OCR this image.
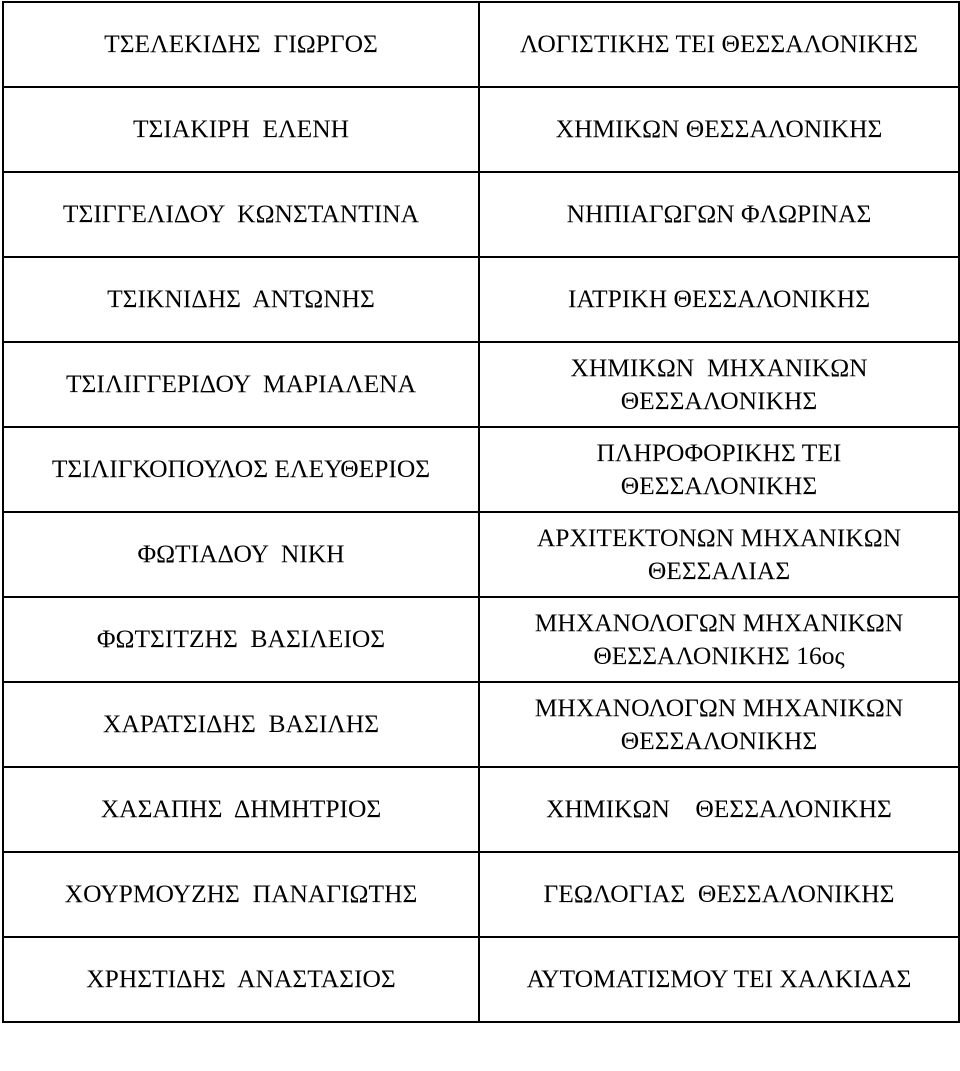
ΤΣΕΛΕΚΙΔΗΣ  ΓΙΩΡΓΟΣ	ΛΟΓΙΣΤΙΚΗΣ ΤΕΙ ΘΕΣΣΑΛΟΝΙΚΗΣ
ΤΣΙΑΚΙΡΗ  ΕΛΕΝΗ	ΧΗΜΙΚΩΝ ΘΕΣΣΑΛΟΝΙΚΗΣ
ΤΣΙΓΓΕΛΙΔΟΥ  ΚΩΝΣΤΑΝΤΙΝΑ	ΝΗΠΙΑΓΩΓΩΝ ΦΛΩΡΙΝΑΣ
ΤΣΙΚΝΙΔΗΣ  ΑΝΤΩΝΗΣ	ΙΑΤΡΙΚΗ ΘΕΣΣΑΛΟΝΙΚΗΣ
ΤΣΙΛΙΓΓΕΡΙΔΟΥ  ΜΑΡΙΑΛΕΝΑ	ΧΗΜΙΚΩΝ  ΜΗΧΑΝΙΚΩΝ
ΘΕΣΣΑΛΟΝΙΚΗΣ
ΤΣΙΛΙΓΚΟΠΟΥΛΟΣ ΕΛΕΥΘΕΡΙΟΣ	ΠΛΗΡΟΦΟΡΙΚΗΣ ΤΕΙ
ΘΕΣΣΑΛΟΝΙΚΗΣ
ΦΩΤΙΑΔΟΥ  ΝΙΚΗ	ΑΡΧΙΤΕΚΤΟΝΩΝ ΜΗΧΑΝΙΚΩΝ
ΘΕΣΣΑΛΙΑΣ
ΦΩΤΣΙΤΖΗΣ  ΒΑΣΙΛΕΙΟΣ	ΜΗΧΑΝΟΛΟΓΩΝ ΜΗΧΑΝΙΚΩΝ
ΘΕΣΣΑΛΟΝΙΚΗΣ 16ος
ΧΑΡΑΤΣΙΔΗΣ  ΒΑΣΙΛΗΣ	ΜΗΧΑΝΟΛΟΓΩΝ ΜΗΧΑΝΙΚΩΝ
ΘΕΣΣΑΛΟΝΙΚΗΣ
ΧΑΣΑΠΗΣ  ΔΗΜΗΤΡΙΟΣ	ΧΗΜΙΚΩΝ    ΘΕΣΣΑΛΟΝΙΚΗΣ
ΧΟΥΡΜΟΥΖΗΣ  ΠΑΝΑΓΙΩΤΗΣ	ΓΕΩΛΟΓΙΑΣ  ΘΕΣΣΑΛΟΝΙΚΗΣ
ΧΡΗΣΤΙΔΗΣ  ΑΝΑΣΤΑΣΙΟΣ	ΑΥΤΟΜΑΤΙΣΜΟΥ ΤΕΙ ΧΑΛΚΙΔΑΣ
